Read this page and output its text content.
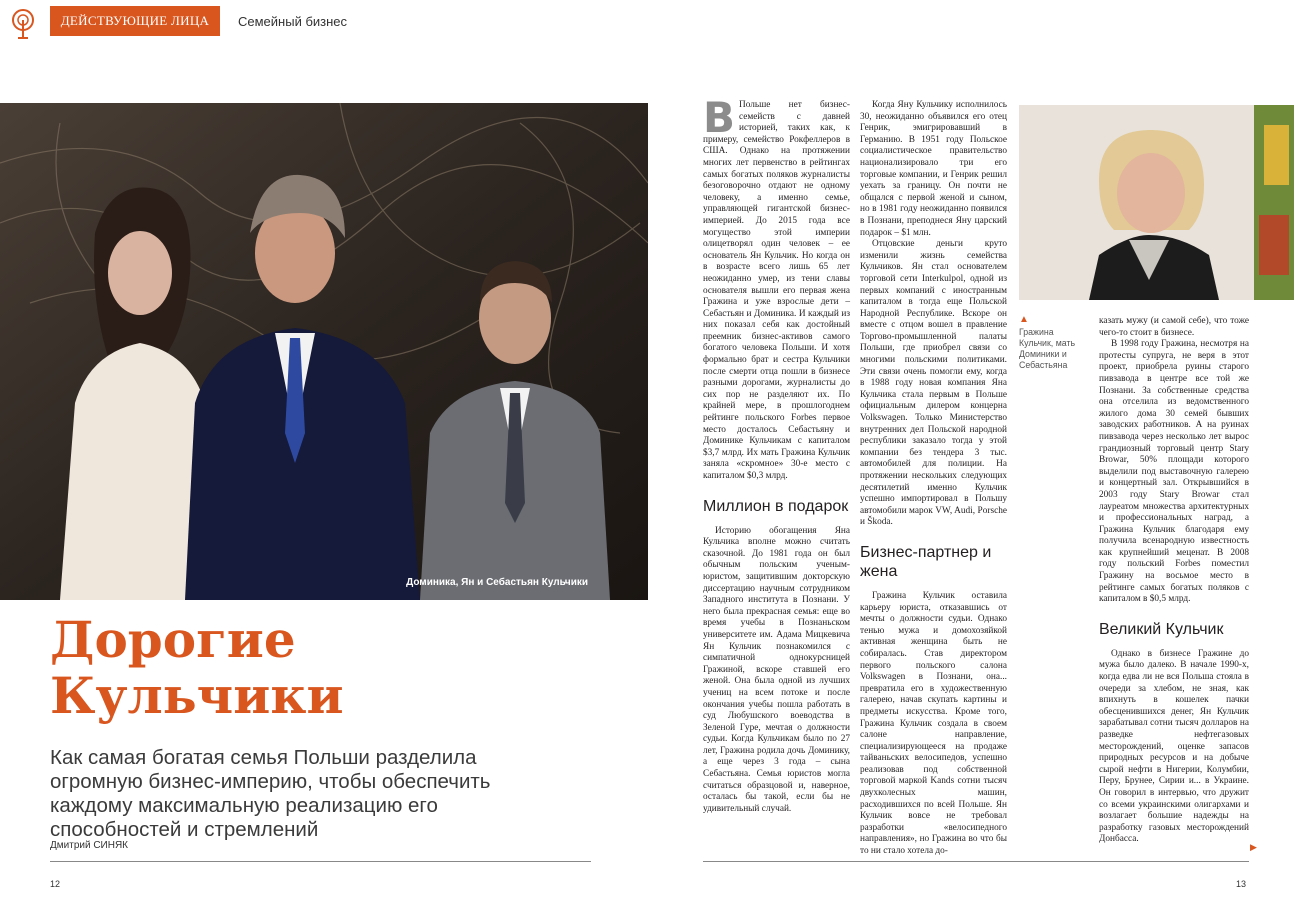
ДЕЙСТВУЮЩИЕ ЛИЦА	Семейный бизнес
Доминика, Ян и Себастьян Кульчики
Дорогие
Кульчики
Как самая богатая семья Польши разделила огромную бизнес-империю, чтобы обеспечить каждому максимальную реализацию его способностей и стремлений
Дмитрий СИНЯК
12
В Польше нет бизнес-семейств с давней историей, таких как, к примеру, семейство Рокфеллеров в США. Однако на протяжении многих лет первенство в рейтингах самых богатых поляков журналисты безоговорочно отдают не одному человеку, а именно семье, управляющей гигантской бизнес-империей. До 2015 года все могущество этой империи олицетворял один человек – ее основатель Ян Кульчик. Но когда он в возрасте всего лишь 65 лет неожиданно умер, из тени славы основателя вышли его первая жена Гражина и уже взрослые дети – Себастьян и Доминика. И каждый из них показал себя как достойный преемник бизнес-активов самого богатого человека Польши. И хотя формально брат и сестра Кульчики после смерти отца пошли в бизнесе разными дорогами, журналисты до сих пор не разделяют их. По крайней мере, в прошлогоднем рейтинге польского Forbes первое место досталось Себастьяну и Доминике Кульчикам с капиталом $3,7 млрд. Их мать Гражина Кульчик заняла «скромное» 30-е место с капиталом $0,3 млрд.

Миллион в подарок

Историю обогащения Яна Кульчика вполне можно считать сказочной. До 1981 года он был обычным польским ученым-юристом, защитившим докторскую диссертацию научным сотрудником Западного института в Познани. У него была прекрасная семья: еще во время учебы в Познаньском университете им. Адама Мицкевича Ян Кульчик познакомился с симпатичной однокурсницей Гражиной, вскоре ставшей его женой. Она была одной из лучших учениц на всем потоке и после окончания учебы пошла работать в суд Любушского воеводства в Зеленой Гуре, мечтая о должности судьи. Когда Кульчикам было по 27 лет, Гражина родила дочь Доминику, а еще через 3 года – сына Себастьяна. Семья юристов могла считаться образцовой и, наверное, осталась бы такой, если бы не удивительный случай.

Когда Яну Кульчику исполнилось 30, неожиданно объявился его отец Генрик, эмигрировавший в Германию. В 1951 году Польское социалистическое правительство национализировало три его торговые компании, и Генрик решил уехать за границу. Он почти не общался с первой женой и сыном, но в 1981 году неожиданно появился в Познани, преподнеся Яну царский подарок – $1 млн.

Отцовские деньги круто изменили жизнь семейства Кульчиков. Ян стал основателем торговой сети Interkulpol, одной из первых компаний с иностранным капиталом в тогда еще Польской Народной Республике. Вскоре он вместе с отцом вошел в правление Торгово-промышленной палаты Польши, где приобрел связи со многими польскими политиками. Эти связи очень помогли ему, когда в 1988 году новая компания Яна Кульчика стала первым в Польше официальным дилером концерна Volkswagen. Только Министерство внутренних дел Польской народной республики заказало тогда у этой компании без тендера 3 тыс. автомобилей для полиции. На протяжении нескольких следующих десятилетий именно Кульчик успешно импортировал в Польшу автомобили марок VW, Audi, Porsche и Škoda.

Бизнес-партнер и жена

Гражина Кульчик оставила карьеру юриста, отказавшись от мечты о должности судьи. Однако тенью мужа и домохозяйкой активная женщина быть не собиралась. Став директором первого польского салона Volkswagen в Познани, она... превратила его в художественную галерею, начав скупать картины и предметы искусства. Кроме того, Гражина Кульчик создала в своем салоне направление, специализирующееся на продаже тайваньских велосипедов, успешно реализовав под собственной торговой маркой Kands сотни тысяч двухколесных машин, расходившихся по всей Польше. Ян Кульчик вовсе не требовал разработки «велосипедного направления», но Гражина во что бы то ни стало хотела до-

▲
Гражина Кульчик, мать Доминики и Себастьяна

казать мужу (и самой себе), что тоже чего-то стоит в бизнесе.

В 1998 году Гражина, несмотря на протесты супруга, не веря в этот проект, приобрела руины старого пивзавода в центре все той же Познани. За собственные средства она отселила из ведомственного жилого дома 30 семей бывших заводских работников. А на руинах пивзавода через несколько лет вырос грандиозный торговый центр Stary Browar, 50% площади которого выделили под выставочную галерею и концертный зал. Открывшийся в 2003 году Stary Browar стал лауреатом множества архитектурных и профессиональных наград, а Гражина Кульчик благодаря ему получила всенародную известность как крупнейший меценат. В 2008 году польский Forbes поместил Гражину на восьмое место в рейтинге самых богатых поляков с капиталом в $0,5 млрд.

Великий Кульчик

Однако в бизнесе Гражине до мужа было далеко. В начале 1990-х, когда едва ли не вся Польша стояла в очереди за хлебом, не зная, как впихнуть в кошелек пачки обесценившихся денег, Ян Кульчик зарабатывал сотни тысяч долларов на разведке нефтегазовых месторождений, оценке запасов природных ресурсов и на добыче сырой нефти в Нигерии, Колумбии, Перу, Брунее, Сирии и... в Украине. Он говорил в интервью, что дружит со всеми украинскими олигархами и возлагает большие надежды на разработку газовых месторождений Донбасса.

▶
13
